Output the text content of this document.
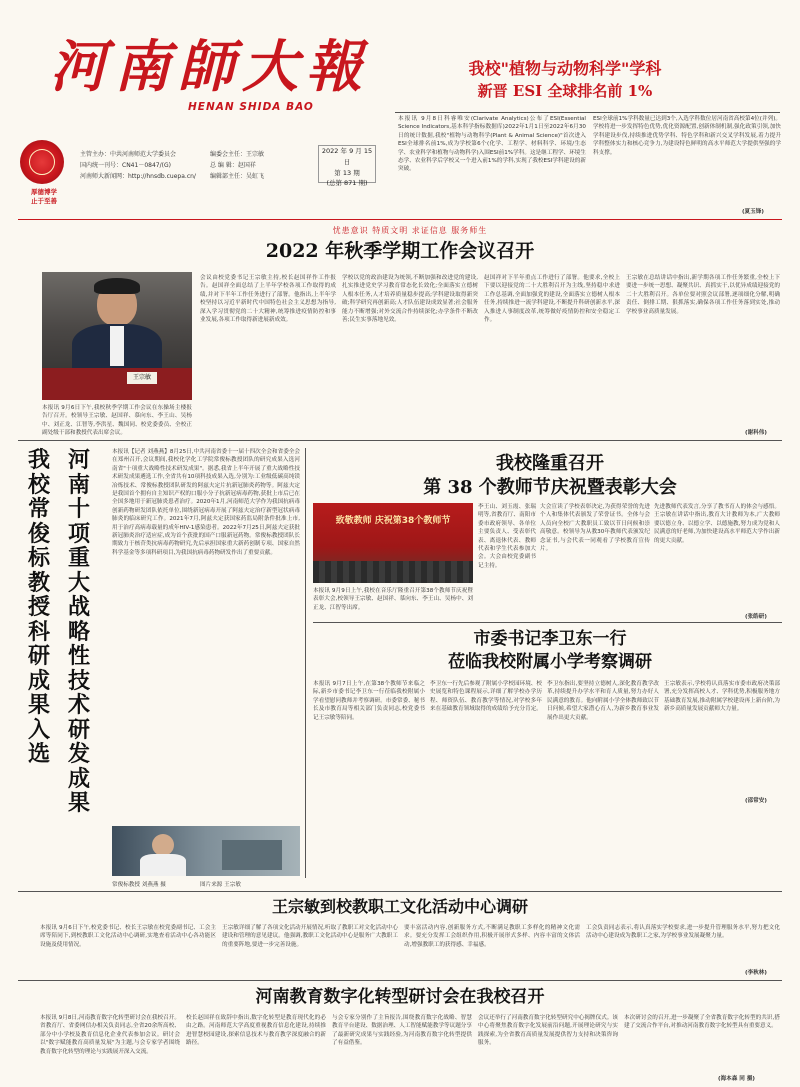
河南師大報
HENAN SHIDA BAO
厚德博学
止于至善
主管主办：中共河南师范大学委员会
国内统一刊号：CN41－0847/(G)
河南师大新闻网：http://hnsdb.cuepa.cn/
编委会主任：王宗敏
总 编 辑：赵国祥
编辑部主任：吴虹飞
2022 年 9 月 15 日
第 13 期
(总第 871 期)
我校"植物与动物科学"学科
新晋 ESI 全球排名前 1%
本报讯 9月8日科睿唯安(Clarivate Analytics)公布了ESI(Essential Science Indicators,基本科学指标数据库)2022年1月1日至2022年6月30日的统计数据,我校"植物与动物科学(Plant & Animal Science)"首次进入ESI全球排名前1%,成为学校第6个(化学、工程学、材料科学、环境/生态学、农业科学和植物与动物科学)入围ESI前1%学科。这是继工程学、环境生态学、农业科学后学校又一个进入前1%的学科,实现了我校ESI学科建设的新突破。
ESI全球前1%学科数量已达到3个,入选学科数位居河南省高校第4位(并列)。学校将进一步发挥特色优势,优化资源配置,创新体制机制,强化政策引领,加快学科建设步伐,持续推进优势学科、特色学科和新兴交叉学科发展,着力提升学科整体实力和核心竞争力,为建设特色鲜明的高水平师范大学提供坚强的学科支撑。
(夏玉锋)
忧患意识 特质文明 求证信息 服务师生
2022 年秋季学期工作会议召开
王宗敏
本报讯 9月6日下午,我校秋季学期工作会议在东操场主楼报告厅召开。校领导王宗敏、赵国祥、慕向东、李王山、吴杨中、刘正龙、江智等,李洪星、魏国同、校党委委员、全校正副处级干部和教授代表出席会议。
会议由校党委书记王宗敏主持,校长赵国祥作工作报告。赵国祥全面总结了上半年学校各项工作取得的成绩,并对下半年工作任务进行了部署。他指出,上半年学校坚持以习近平新时代中国特色社会主义思想为指导,深入学习贯彻党的二十大精神,统筹推进疫情防控和事业发展,各项工作取得新进展新成效。
学校以党的政治建设为统领,不断加强和改进党的建设,扎实推进党史学习教育常态化长效化;全面落实立德树人根本任务,人才培养质量稳步提高;学科建设取得新突破;科学研究再创新高;人才队伍建设成效显著;社会服务能力不断增强;对外交流合作持续深化;办学条件不断改善;民生实事落地见效。
赵国祥对下半年重点工作进行了部署。他要求,全校上下要以迎接党的二十大胜利召开为主线,坚持稳中求进工作总基调,全面加强党的建设,全面落实立德树人根本任务,持续推进一流学科建设,不断提升科研创新水平,深入推进人事制度改革,统筹做好疫情防控和安全稳定工作。
王宗敏在总结讲话中指出,新学期各项工作任务繁重,全校上下要进一步统一思想、凝聚共识、真抓实干,以优异成绩迎接党的二十大胜利召开。各单位要对照会议部署,逐项细化分解,明确责任、倒排工期、狠抓落实,确保各项工作任务落到实处,推动学校事业高质量发展。
(谢科伟)
河南十项重大战略性技术研发成果
我校常俊标教授科研成果入选
本报讯【记者 刘燕燕】8月25日,中共河南省委十一届十四次全会和省委全会在郑州召开,会议期间,我校化学化工学院常俊标教授团队的研究成果入选河南省"十项重大战略性技术研发成果"。据悉,我省上半年开展了重大战略性技术研发成果遴选工作,全省共有10项科技成果入选,分别为:工业级低碳高纯镁冶炼技术、常俊标教授团队研发的阿兹夫定片抗新冠肺炎药物等。阿兹夫定是我国首个拥有自主知识产权的口服小分子抗新冠病毒药物,获批上市后已在全国多地用于新冠肺炎患者治疗。2020年1月,河南师范大学作为我国抗病毒创新药物研发团队依托单位,围绕新冠病毒开展了阿兹夫定治疗新型冠状病毒肺炎的临床研究工作。2021年7月,阿兹夫定获国家药监局附条件批准上市,用于治疗高病毒载量的成年HIV-1感染患者。2022年7月25日,阿兹夫定获批新冠肺炎治疗适应症,成为首个获批的国产口服新冠药物。常俊标教授团队长期致力于核苷类抗病毒药物研究,先后承担国家重大新药创制专项、国家自然科学基金等多项科研项目,为我国抗病毒药物研发作出了重要贡献。
常俊标教授 刘燕燕 摄	图片来源 王宗敏
我校隆重召开
第 38 个教师节庆祝暨表彰大会
致敬教师 庆祝第38个教师节
本报讯 9月9日上午,我校在音乐厅隆重召开第38个教师节庆祝暨表彰大会,校领导王宗敏、赵国祥、慕向东、李王山、吴杨中、刘正龙、江智等出席。
李王山、刘玉霞、张瑞明等,省教育厅、南阳市委市政府领导、各单位主要负责人、受表彰代表、离退休代表、教师代表和学生代表参加大会。大会由校党委副书记主持。
大会宣读了学校表彰决定,为获得荣誉的先进个人和集体代表颁发了荣誉证书。全体与会人员向全校广大教职员工致以节日问候和崇高敬意。校领导为从教30年教师代表颁发纪念证书,与会代表一同观看了学校教育宣传片。
先进教师代表发言,分享了教书育人的体会与感悟。王宗敏在讲话中指出,教育大计教师为本,广大教师要以德立身、以德立学、以德施教,努力成为党和人民满意的好老师,为加快建设高水平师范大学作出新的更大贡献。
(张皓研)
市委书记李卫东一行
莅临我校附属小学考察调研
本报讯 9月7日上午,在第38个教师节来临之际,新乡市委书记李卫东一行莅临我校附属小学看望慰问教师并考察调研。市委常委、秘书长及市教育局等相关部门负责同志,校党委书记王宗敏等陪同。
李卫东一行先后参观了附属小学校园环境、校史展览和特色课程展示,详细了解学校办学历程、师资队伍、教育教学等情况,对学校多年来在基础教育领域取得的成绩给予充分肯定。
李卫东指出,要坚持立德树人,深化教育教学改革,持续提升办学水平和育人质量,努力办好人民满意的教育。他向附属小学全体教师致以节日问候,希望大家潜心育人,为新乡教育事业发展作出更大贡献。
王宗敏表示,学校将认真落实市委市政府决策部署,充分发挥高校人才、学科优势,积极服务地方基础教育发展,推动附属学校建设再上新台阶,为新乡高质量发展贡献师大力量。
(邵常安)
王宗敏到校教职工文化活动中心调研
本报讯 9月6日下午,校党委书记、校长王宗敏在校党委副书记、工会主席等陪同下,到校教职工文化活动中心调研,实地查看活动中心各功能区设施及使用情况。
王宗敏详细了解了各项文化活动开展情况,听取了教职工对文化活动中心建设和管理的意见建议。他强调,教职工文化活动中心是服务广大教职工的重要阵地,要进一步完善设施。
要丰富活动内容,创新服务方式,不断满足教职工多样化的精神文化需求。要充分发挥工会组织作用,积极开展形式多样、内容丰富的文体活动,增强教职工的获得感、幸福感。
工会负责同志表示,将认真落实学校要求,进一步提升管理服务水平,努力把文化活动中心建设成为教职工之家,为学校事业发展凝聚力量。
(李秋林)
河南教育数字化转型研讨会在我校召开
本报讯 9月8日,河南教育数字化转型研讨会在我校召开。省教育厅、省委网信办相关负责同志,全省20余所高校、部分中小学校及教育信息化企业代表参加会议。研讨会以"数字赋能教育高质量发展"为主题,与会专家学者围绕教育数字化转型的理论与实践展开深入交流。
校长赵国祥在致辞中指出,数字化转型是教育现代化的必由之路。河南师范大学高度重视教育信息化建设,持续推进智慧校园建设,探索信息技术与教育教学深度融合的新路径。
与会专家分别作了主旨报告,围绕教育数字化战略、智慧教育平台建设、数据治理、人工智能赋能教学等议题分享了最新研究成果与实践经验,为河南教育数字化转型提供了有益借鉴。
会议还举行了河南教育数字化转型研究中心揭牌仪式。该中心将聚焦教育数字化发展前沿问题,开展理论研究与实践探索,为全省教育高质量发展提供智力支持和决策咨询服务。
本次研讨会的召开,进一步凝聚了全省教育数字化转型的共识,搭建了交流合作平台,对推动河南教育数字化转型具有重要意义。
(海本森 同 摄)
